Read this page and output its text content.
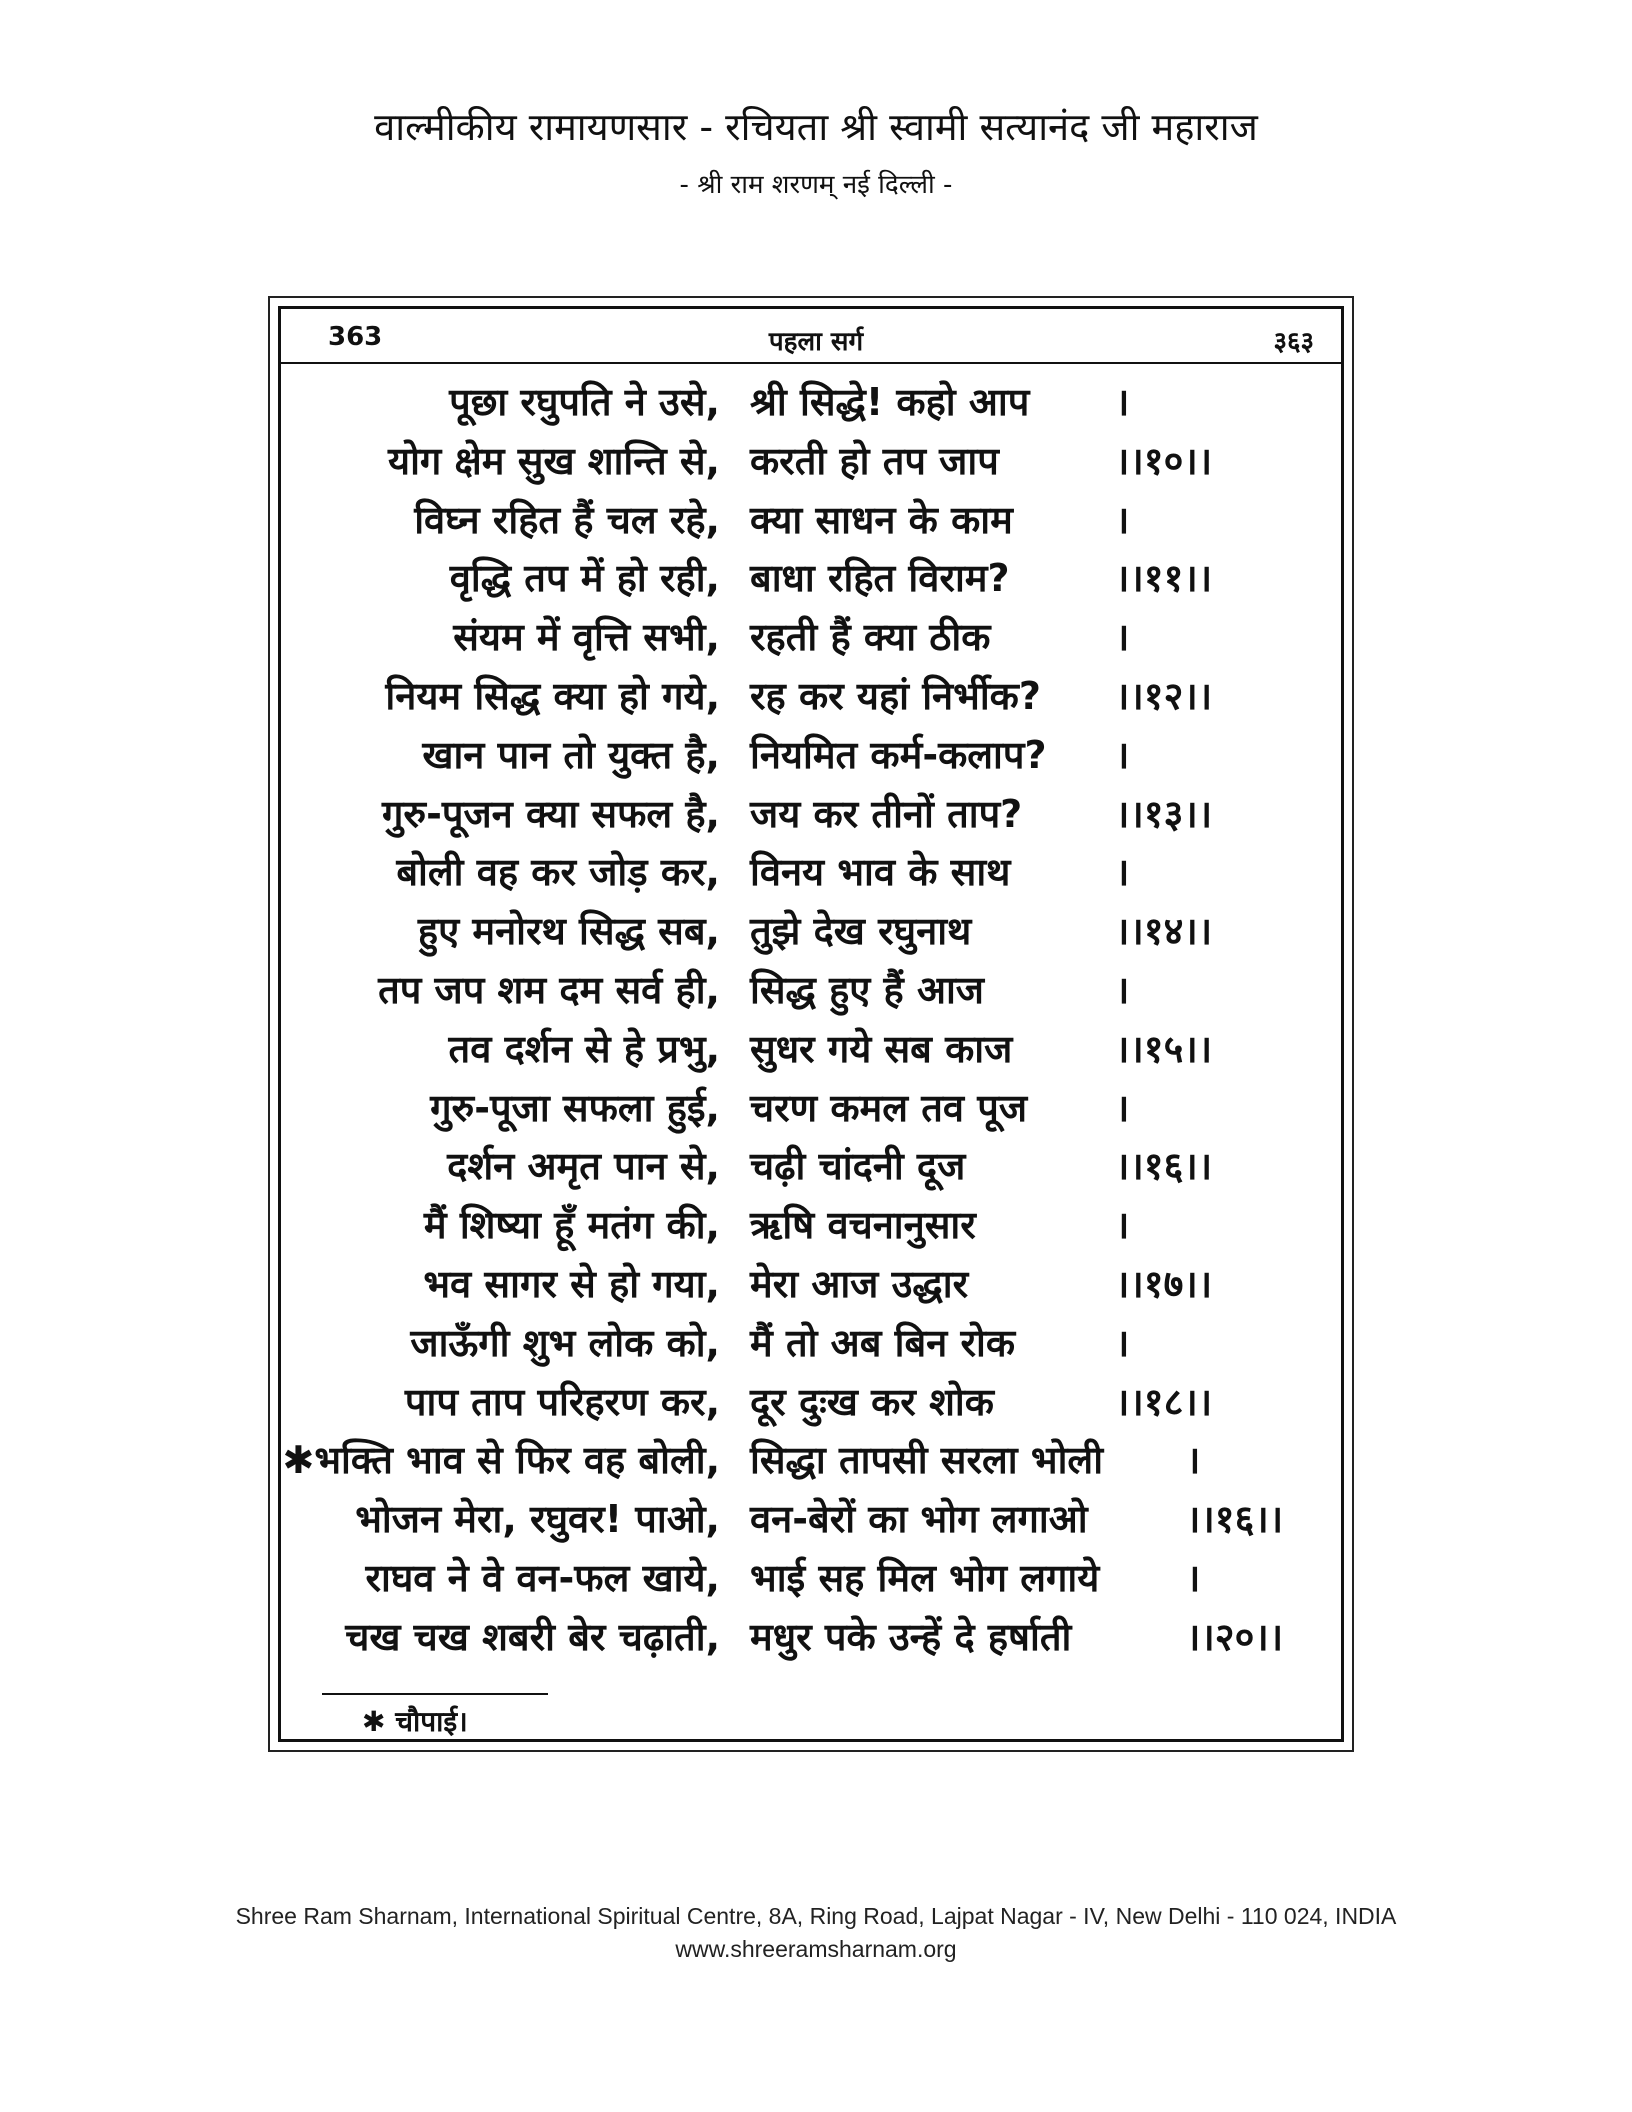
वाल्मीकीय रामायणसार - रचियता श्री स्वामी सत्यानंद जी महाराज
- श्री राम शरणम् नई दिल्ली -
363	पहला सर्ग	३६३
पूछा रघुपति ने उसे, श्री सिद्धे! कहो आप ।
योग क्षेम सुख शान्ति से, करती हो तप जाप	।।१०।।
विघ्न रहित हैं चल रहे, क्या साधन के काम	।
वृद्धि तप में हो रही, बाधा रहित विराम?	।।११।।
संयम में वृत्ति सभी, रहती हैं क्या ठीक	।
नियम सिद्ध क्या हो गये, रह कर यहां निर्भीक? ।।१२।।
खान पान तो युक्त है, नियमित कर्म-कलाप? ।
गुरु-पूजन क्या सफल है, जय कर तीनों ताप? ।।१३।।
बोली वह कर जोड़ कर, विनय भाव के साथ	।
हुए मनोरथ सिद्ध सब, तुझे देख रघुनाथ	।।१४।।
तप जप शम दम सर्व ही, सिद्ध हुए हैं आज	।
तव दर्शन से हे प्रभु, सुधर गये सब काज	।।१५।।
गुरु-पूजा सफला हुई, चरण कमल तव पूज ।
दर्शन अमृत पान से, चढ़ी चांदनी दूज	।।१६।।
मैं शिष्या हूँ मतंग की, ऋषि वचनानुसार	।
भव सागर से हो गया, मेरा आज उद्धार	।।१७।।
जाऊँगी शुभ लोक को, मैं तो अब बिन रोक	।
पाप ताप परिहरण कर, दूर दुःख कर शोक	।।१८।।
✱भक्ति भाव से फिर वह बोली, सिद्धा तापसी सरला भोली ।
भोजन मेरा, रघुवर! पाओ, वन-बेरों का भोग लगाओ	।।१६।।
राघव ने वे वन-फल खाये, भाई सह मिल भोग लगाये ।
चख चख शबरी बेर चढ़ाती, मधुर पके उन्हें दे हर्षाती	।।२०।।
✱ चौपाई।
Shree Ram Sharnam, International Spiritual Centre, 8A, Ring Road, Lajpat Nagar - IV, New Delhi - 110 024, INDIA
www.shreeramsharnam.org
